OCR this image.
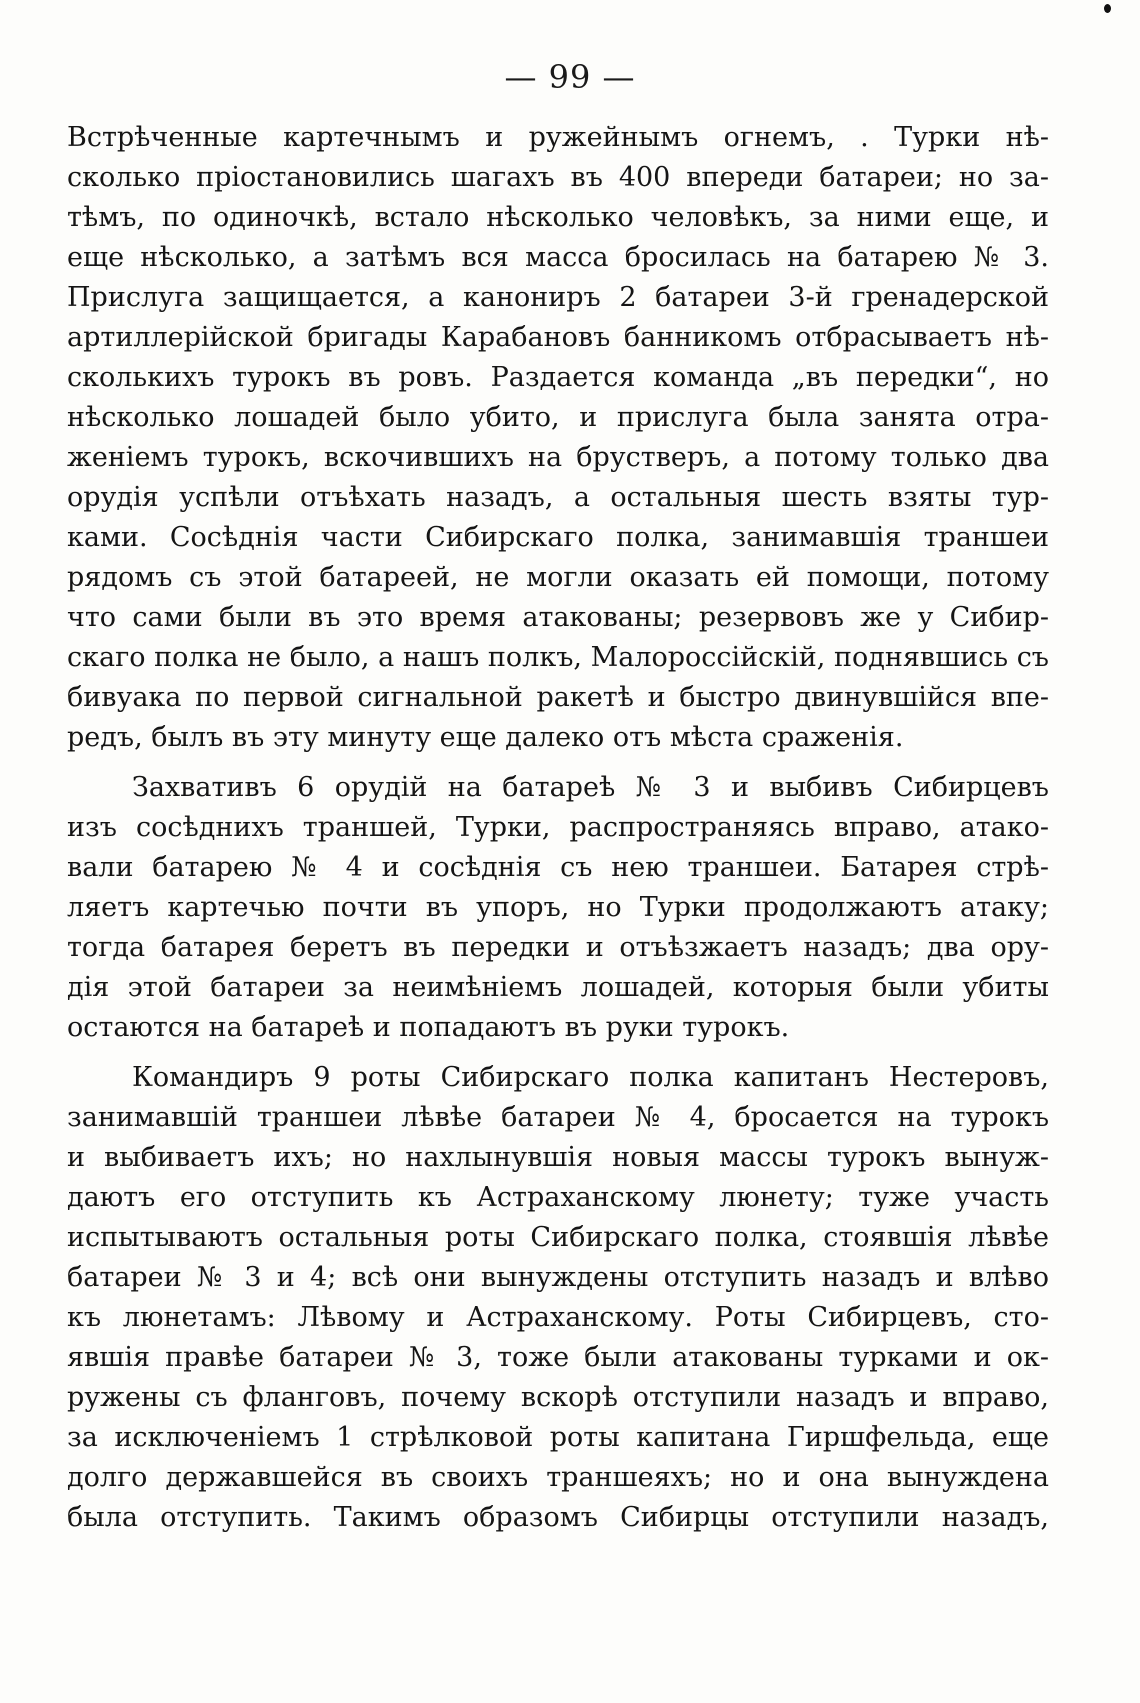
— 99 —
Встрѣченные картечнымъ и ружейнымъ огнемъ, . Турки нѣ-
сколько пріостановились шагахъ въ 400 впереди батареи; но за-
тѣмъ, по одиночкѣ, встало нѣсколько человѣкъ, за ними еще, и
еще нѣсколько, а затѣмъ вся масса бросилась на батарею № 3.
Прислуга защищается, а канониръ 2 батареи 3-й гренадерской
артиллерійской бригады Карабановъ банникомъ отбрасываетъ нѣ-
сколькихъ турокъ въ ровъ. Раздается команда „въ передки“, но
нѣсколько лошадей было убито, и прислуга была занята отра-
женіемъ турокъ, вскочившихъ на брустверъ, а потому только два
орудія успѣли отъѣхать назадъ, а остальныя шесть взяты тур-
ками. Сосѣднія части Сибирскаго полка, занимавшія траншеи
рядомъ съ этой батареей, не могли оказать ей помощи, потому
что сами были въ это время атакованы; резервовъ же у Сибир-
скаго полка не было, а нашъ полкъ, Малороссійскій, поднявшись съ
бивуака по первой сигнальной ракетѣ и быстро двинувшійся впе-
редъ, былъ въ эту минуту еще далеко отъ мѣста сраженія.
Захвативъ 6 орудій на батареѣ № 3 и выбивъ Сибирцевъ
изъ сосѣднихъ траншей, Турки, распространяясь вправо, атако-
вали батарею № 4 и сосѣднія съ нею траншеи. Батарея стрѣ-
ляетъ картечью почти въ упоръ, но Турки продолжаютъ атаку;
тогда батарея беретъ въ передки и отъѣзжаетъ назадъ; два ору-
дія этой батареи за неимѣніемъ лошадей, которыя были убиты
остаются на батареѣ и попадаютъ въ руки турокъ.
Командиръ 9 роты Сибирскаго полка капитанъ Нестеровъ,
занимавшій траншеи лѣвѣе батареи № 4, бросается на турокъ
и выбиваетъ ихъ; но нахлынувшія новыя массы турокъ вынуж-
даютъ его отступить къ Астраханскому люнету; туже участь
испытываютъ остальныя роты Сибирскаго полка, стоявшія лѣвѣе
батареи № 3 и 4; всѣ они вынуждены отступить назадъ и влѣво
къ люнетамъ: Лѣвому и Астраханскому. Роты Сибирцевъ, сто-
явшія правѣе батареи № 3, тоже были атакованы турками и ок-
ружены съ фланговъ, почему вскорѣ отступили назадъ и вправо,
за исключеніемъ 1 стрѣлковой роты капитана Гиршфельда, еще
долго державшейся въ своихъ траншеяхъ; но и она вынуждена
была отступить. Такимъ образомъ Сибирцы отступили назадъ,
